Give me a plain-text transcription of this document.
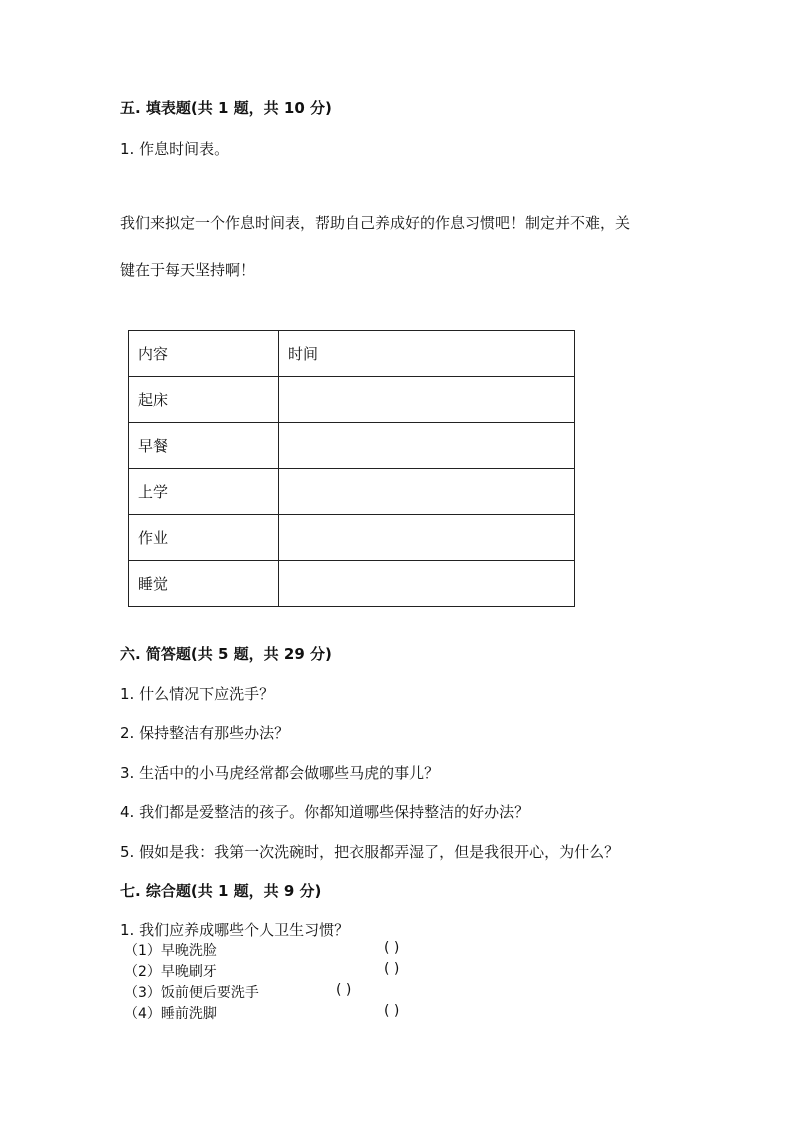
五. 填表题(共 1 题，共 10 分)
1. 作息时间表。
我们来拟定一个作息时间表，帮助自己养成好的作息习惯吧！制定并不难，关
键在于每天坚持啊！
内容	时间
起床	
早餐	
上学	
作业	
睡觉	
六. 简答题(共 5 题，共 29 分)
1. 什么情况下应洗手？
2. 保持整洁有那些办法？
3. 生活中的小马虎经常都会做哪些马虎的事儿？
4. 我们都是爱整洁的孩子。你都知道哪些保持整洁的好办法？
5. 假如是我：我第一次洗碗时，把衣服都弄湿了，但是我很开心，为什么？
七. 综合题(共 1 题，共 9 分)
1. 我们应养成哪些个人卫生习惯？
（1）早晚洗脸	( )
（2）早晚刷牙	( )
（3）饭前便后要洗手	( )
（4）睡前洗脚	( )
